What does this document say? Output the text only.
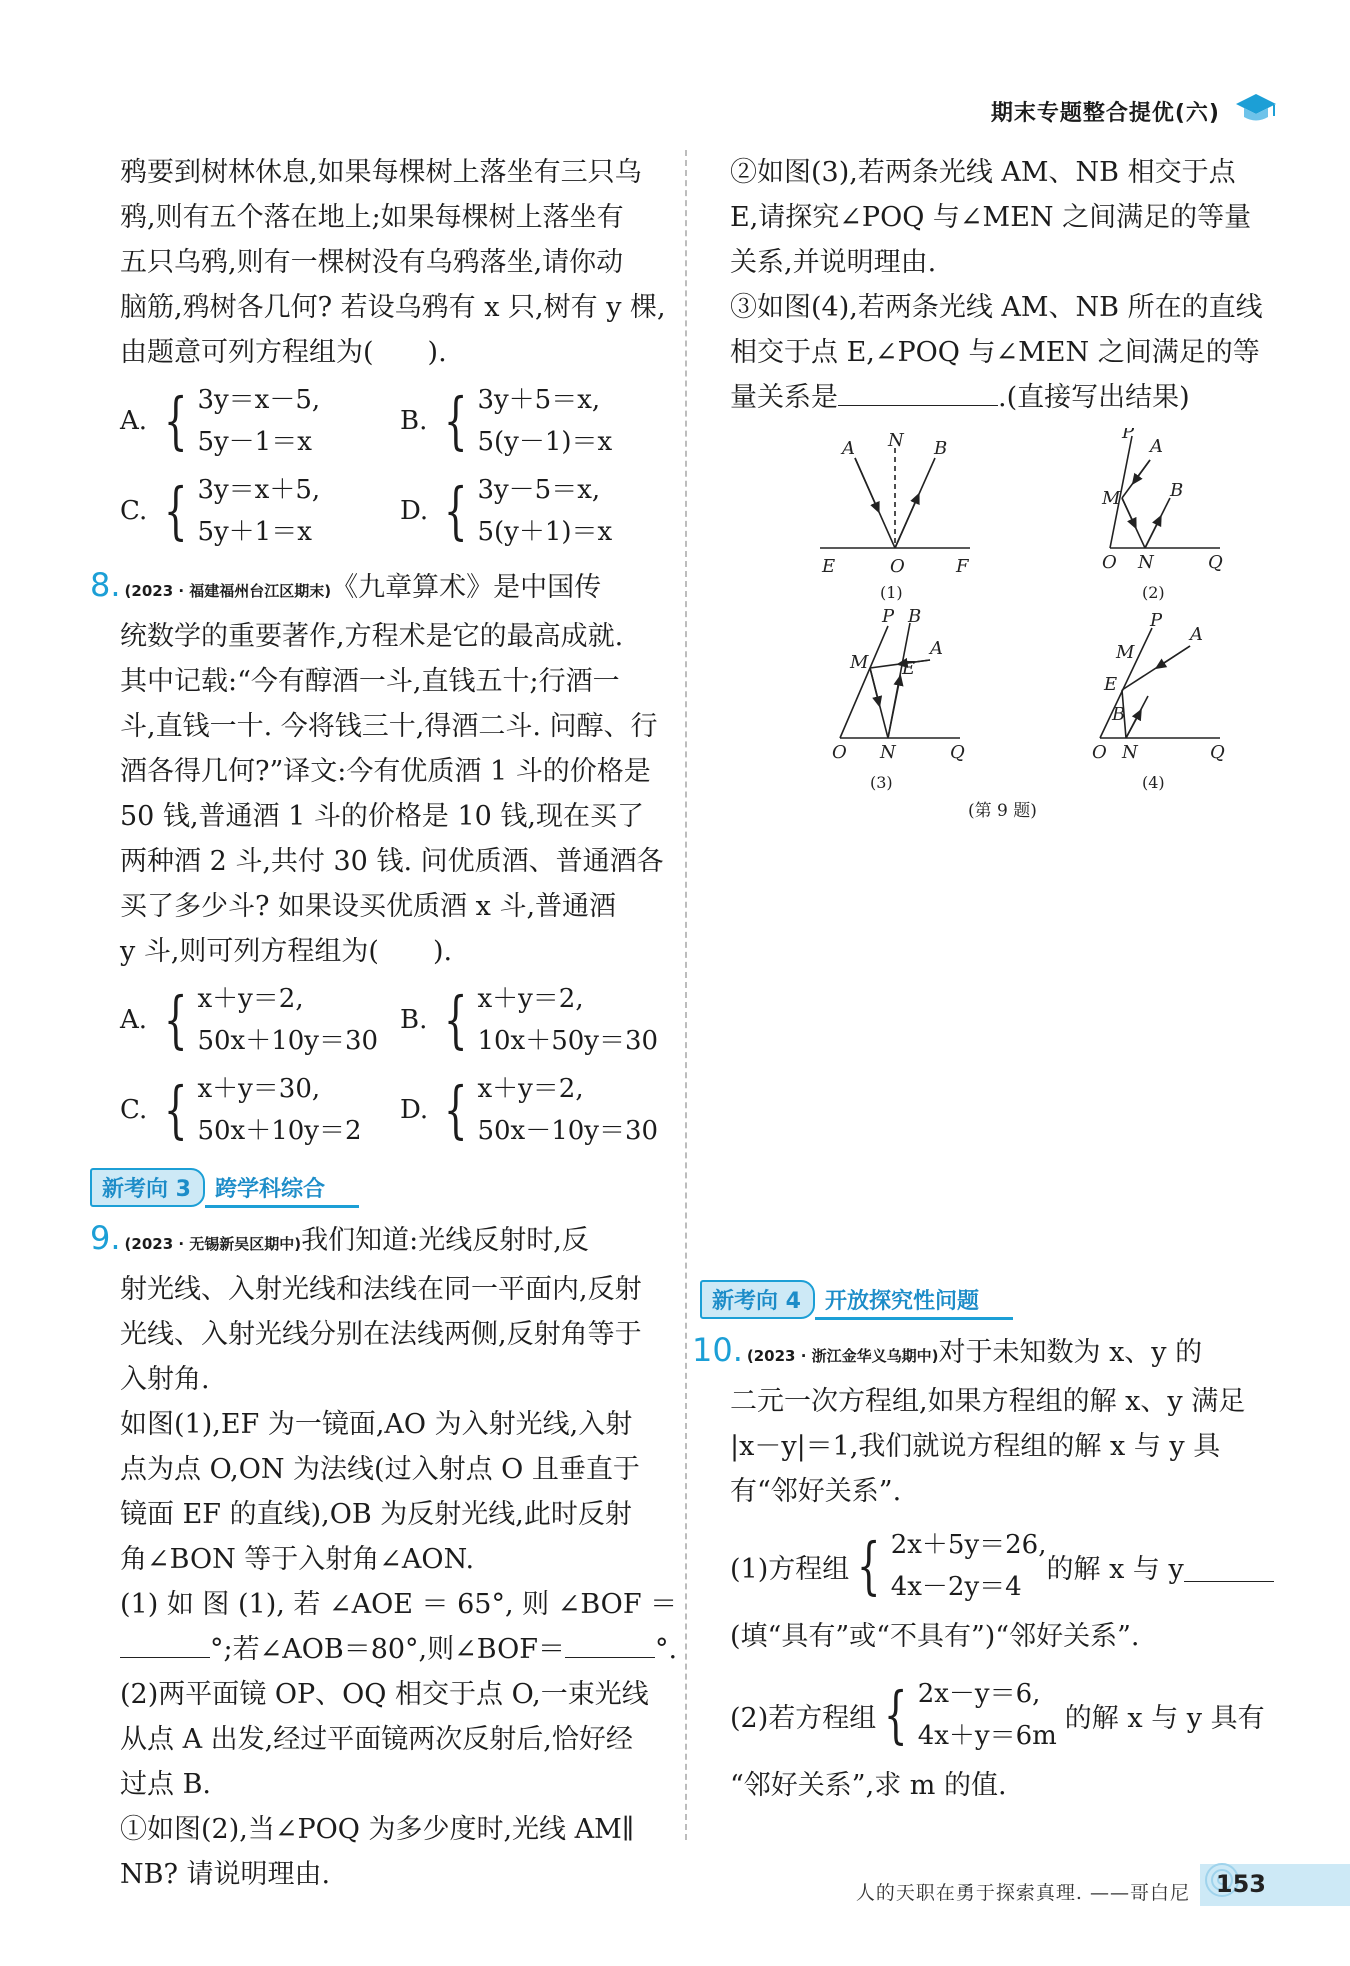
期末专题整合提优(六)

鸦要到树林休息,如果每棵树上落坐有三只乌

鸦,则有五个落在地上;如果每棵树上落坐有

五只乌鸦,则有一棵树没有乌鸦落坐,请你动

脑筋,鸦树各几何? 若设乌鸦有 x 只,树有 y 棵,

由题意可列方程组为(　　).

A. { 3y＝x－5,
5y－1＝x
B. { 3y＋5＝x,
5(y－1)＝x
C. { 3y＝x＋5,
5y＋1＝x
D. { 3y－5＝x,
5(y＋1)＝x

8. (2023 · 福建福州台江区期末)《九章算术》是中国传

统数学的重要著作,方程术是它的最高成就.

其中记载:“今有醇酒一斗,直钱五十;行酒一

斗,直钱一十. 今将钱三十,得酒二斗. 问醇、行

酒各得几何?”译文:今有优质酒 1 斗的价格是

50 钱,普通酒 1 斗的价格是 10 钱,现在买了

两种酒 2 斗,共付 30 钱. 问优质酒、普通酒各

买了多少斗? 如果设买优质酒 x 斗,普通酒

y 斗,则可列方程组为(　　).

A. { x＋y＝2,
50x＋10y＝30
B. { x＋y＝2,
10x＋50y＝30
C. { x＋y＝30,
50x＋10y＝2
D. { x＋y＝2,
50x－10y＝30
新考向 3 跨学科综合

9. (2023 · 无锡新吴区期中)我们知道:光线反射时,反

射光线、入射光线和法线在同一平面内,反射

光线、入射光线分别在法线两侧,反射角等于

入射角.

如图(1),EF 为一镜面,AO 为入射光线,入射

点为点 O,ON 为法线(过入射点 O 且垂直于

镜面 EF 的直线),OB 为反射光线,此时反射

角∠BON 等于入射角∠AON.

(1) 如 图 (1), 若 ∠AOE ＝ 65°, 则 ∠BOF ＝

°;若∠AOB＝80°,则∠BOF＝	°.

(2)两平面镜 OP、OQ 相交于点 O,一束光线

从点 A 出发,经过平面镜两次反射后,恰好经

过点 B.

①如图(2),当∠POQ 为多少度时,光线 AM∥

NB? 请说明理由.

②如图(3),若两条光线 AM、NB 相交于点

E,请探究∠POQ 与∠MEN 之间满足的等量

关系,并说明理由.

③如图(4),若两条光线 AM、NB 所在的直线

相交于点 E,∠POQ 与∠MEN 之间满足的等

量关系是	.(直接写出结果)

A N B
E	O	F
(1)
P
A
M	B
O N	Q
(2)
P B
M
A
E
O N	Q
(3)
P
A
M
E
B
O N	Q
(4)
(第 9 题)
新考向 4 开放探究性问题

10. (2023 · 浙江金华义乌期中)对于未知数为 x、y 的

二元一次方程组,如果方程组的解 x、y 满足

|x－y|＝1,我们就说方程组的解 x 与 y 具

有“邻好关系”.

(1)方程组 { 2x＋5y＝26,
4x－2y＝4
的解 x 与 y

(填“具有”或“不具有”)“邻好关系”.

(2)若方程组 { 2x－y＝6,
4x＋y＝6m
的解 x 与 y 具有

“邻好关系”,求 m 的值.

人的天职在勇于探索真理. ——哥白尼 153
